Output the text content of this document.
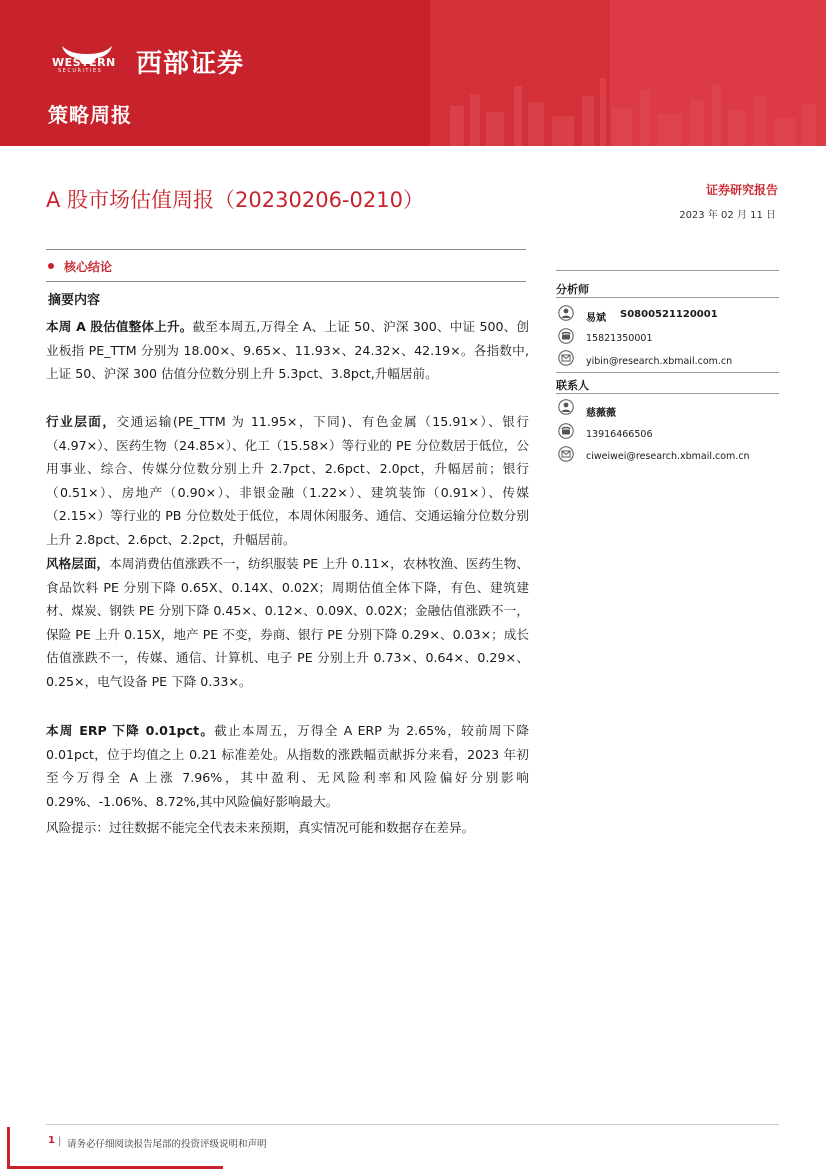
WESTERN
SECURITIES 西部证券
策略周报
A 股市场估值周报（20230206-0210）	证券研究报告
2023 年 02 月 11 日
核心结论
摘要内容
本周 A 股估值整体上升。截至本周五,万得全 A、上证 50、沪深 300、中证 500、创业板指 PE_TTM 分别为 18.00×、9.65×、11.93×、24.32×、42.19×。各指数中,上证 50、沪深 300 估值分位数分别上升 5.3pct、3.8pct,升幅居前。
行业层面，交通运输(PE_TTM 为 11.95×，下同)、有色金属（15.91×）、银行（4.97×）、医药生物（24.85×）、化工（15.58×）等行业的 PE 分位数居于低位，公用事业、综合、传媒分位数分别上升 2.7pct、2.6pct、2.0pct，升幅居前；银行（0.51×）、房地产（0.90×）、非银金融（1.22×）、建筑装饰（0.91×）、传媒（2.15×）等行业的 PB 分位数处于低位，本周休闲服务、通信、交通运输分位数分别上升 2.8pct、2.6pct、2.2pct，升幅居前。
风格层面，本周消费估值涨跌不一，纺织服装 PE 上升 0.11×，农林牧渔、医药生物、食品饮料 PE 分别下降 0.65X、0.14X、0.02X；周期估值全体下降，有色、建筑建材、煤炭、钢铁 PE 分别下降 0.45×、0.12×、0.09X、0.02X；金融估值涨跌不一，保险 PE 上升 0.15X，地产 PE 不变，券商、银行 PE 分别下降 0.29×、0.03×；成长估值涨跌不一，传媒、通信、计算机、电子 PE 分别上升 0.73×、0.64×、0.29×、0.25×，电气设备 PE 下降 0.33×。
本周 ERP 下降 0.01pct。截止本周五，万得全 A ERP 为 2.65%，较前周下降 0.01pct，位于均值之上 0.21 标准差处。从指数的涨跌幅贡献拆分来看，2023 年初至今万得全 A 上涨 7.96%，其中盈利、无风险利率和风险偏好分别影响 0.29%、-1.06%、8.72%,其中风险偏好影响最大。
风险提示：过往数据不能完全代表未来预期，真实情况可能和数据存在差异。
分析师
易斌 S0800521120001
15821350001
yibin@research.xbmail.com.cn
联系人
慈薇薇
13916466506
ciweiwei@research.xbmail.com.cn
1 | 请务必仔细阅读报告尾部的投资评级说明和声明
